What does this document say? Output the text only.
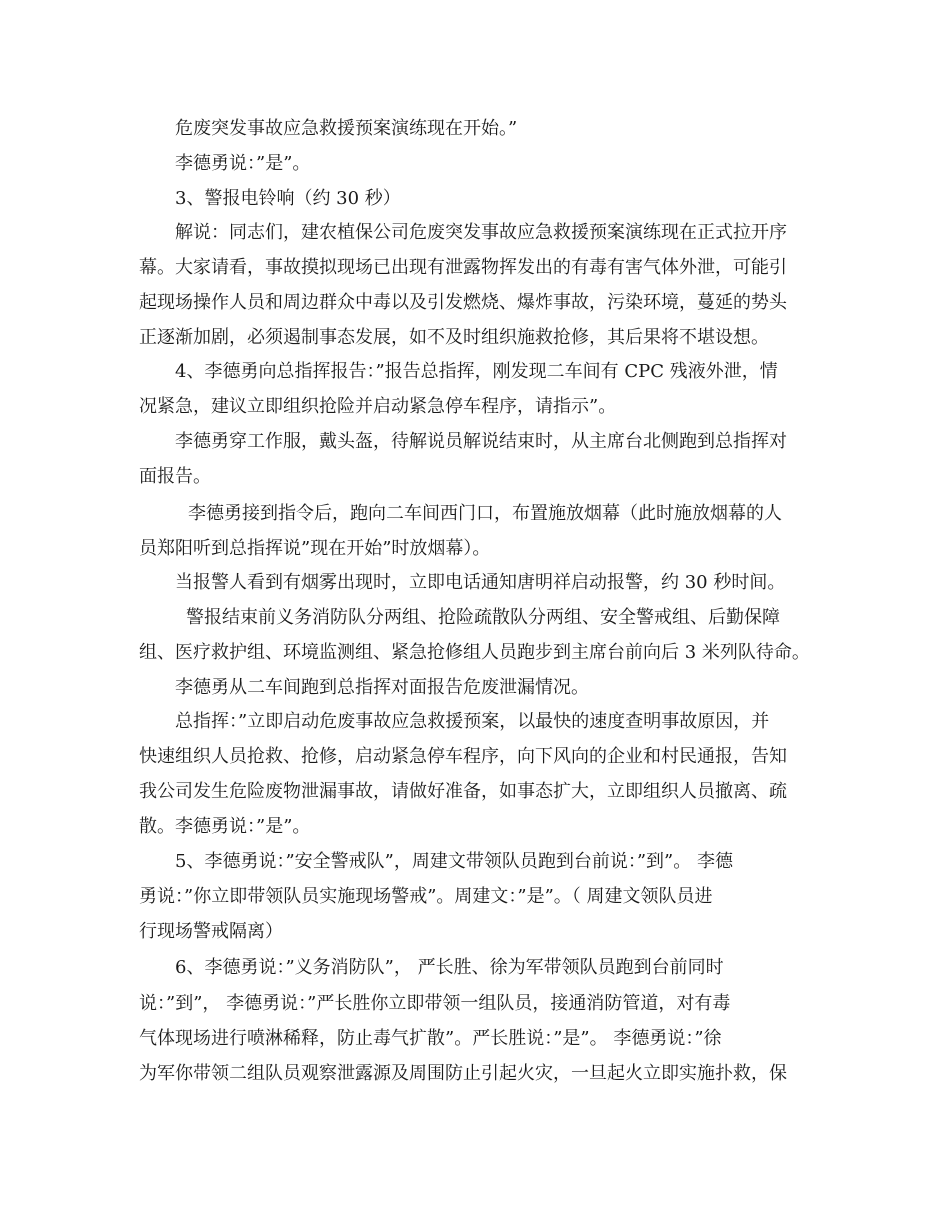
危废突发事故应急救援预案演练现在开始。”
李德勇说：”是”。
3、警报电铃响（约 30 秒）
解说：同志们，建农植保公司危废突发事故应急救援预案演练现在正式拉开序
幕。大家请看，事故摸拟现场已出现有泄露物挥发出的有毒有害气体外泄，可能引
起现场操作人员和周边群众中毒以及引发燃烧、爆炸事故，污染环境，蔓延的势头
正逐渐加剧，必须遏制事态发展，如不及时组织施救抢修，其后果将不堪设想。
4、李德勇向总指挥报告：”报告总指挥，刚发现二车间有 CPC 残液外泄，情
况紧急，建议立即组织抢险并启动紧急停车程序，请指示”。
李德勇穿工作服，戴头盔，待解说员解说结束时，从主席台北侧跑到总指挥对
面报告。
李德勇接到指令后，跑向二车间西门口，布置施放烟幕（此时施放烟幕的人
员郑阳听到总指挥说”现在开始”时放烟幕）。
当报警人看到有烟雾出现时，立即电话通知唐明祥启动报警，约 30 秒时间。
警报结束前义务消防队分两组、抢险疏散队分两组、安全警戒组、后勤保障
组、医疗救护组、环境监测组、紧急抢修组人员跑步到主席台前向后 3 米列队待命。
李德勇从二车间跑到总指挥对面报告危废泄漏情况。
总指挥：”立即启动危废事故应急救援预案，以最快的速度查明事故原因，并
快速组织人员抢救、抢修，启动紧急停车程序，向下风向的企业和村民通报，告知
我公司发生危险废物泄漏事故，请做好准备，如事态扩大，立即组织人员撤离、疏
散。李德勇说：”是”。
5、李德勇说：”安全警戒队”，周建文带领队员跑到台前说：”到”。 李德
勇说：”你立即带领队员实施现场警戒”。周建文：”是”。（ 周建文领队员进
行现场警戒隔离）
6、李德勇说：”义务消防队”， 严长胜、徐为军带领队员跑到台前同时
说：”到”， 李德勇说：”严长胜你立即带领一组队员，接通消防管道，对有毒
气体现场进行喷淋稀释，防止毒气扩散”。严长胜说：”是”。 李德勇说：”徐
为军你带领二组队员观察泄露源及周围防止引起火灾，一旦起火立即实施扑救，保
